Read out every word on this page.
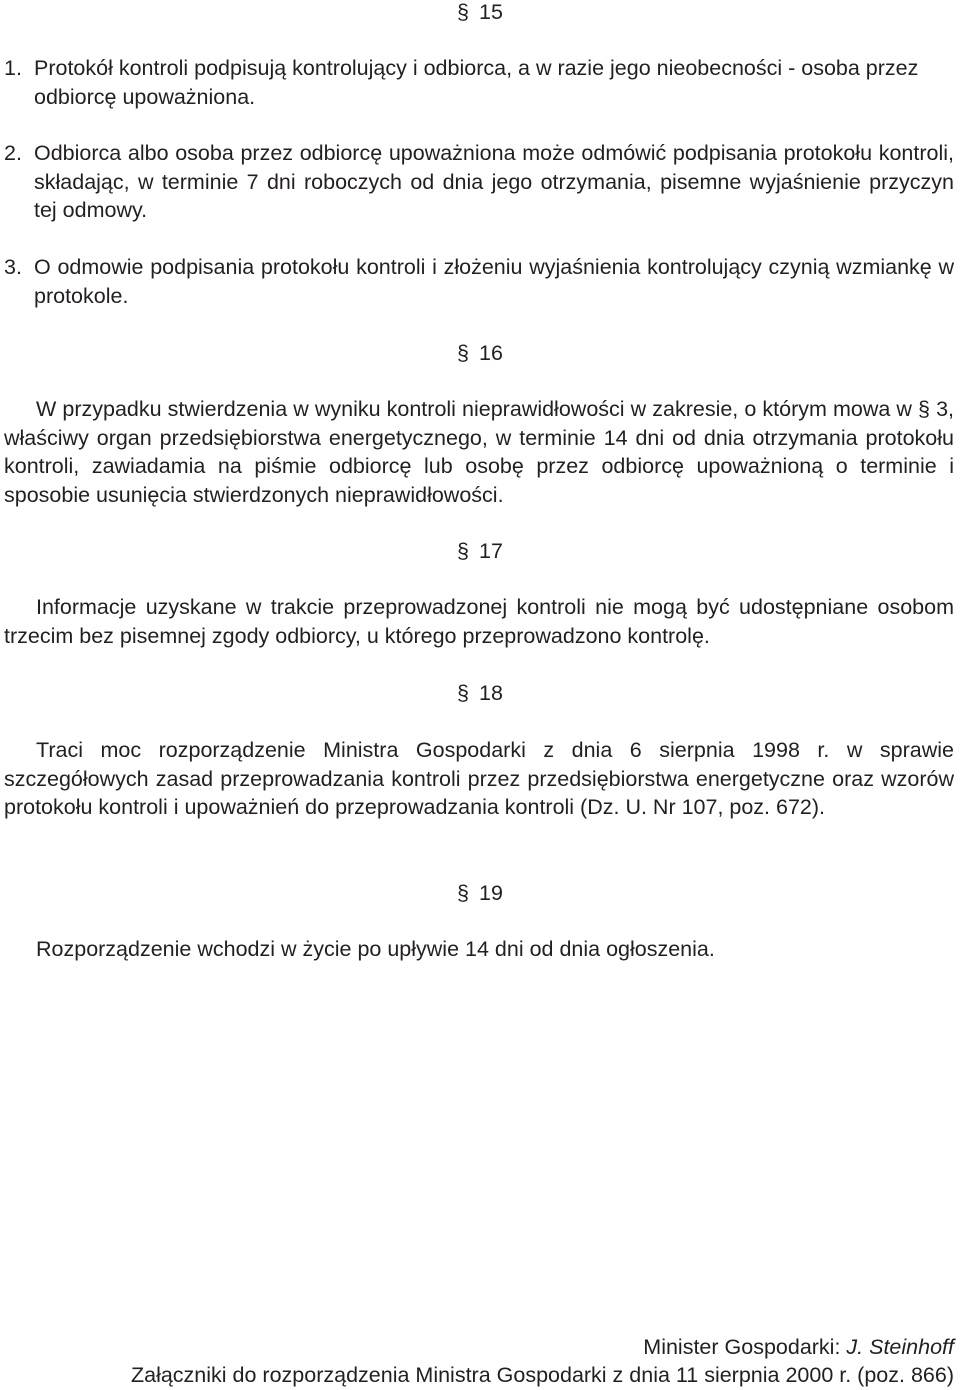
§ 15
1. Protokół kontroli podpisują kontrolujący i odbiorca, a w razie jego nieobecności - osoba przez odbiorcę upoważniona.
2. Odbiorca albo osoba przez odbiorcę upoważniona może odmówić podpisania protokołu kontroli, składając, w terminie 7 dni roboczych od dnia jego otrzymania, pisemne wyjaśnienie przyczyn tej odmowy.
3. O odmowie podpisania protokołu kontroli i złożeniu wyjaśnienia kontrolujący czynią wzmiankę w protokole.
§ 16
W przypadku stwierdzenia w wyniku kontroli nieprawidłowości w zakresie, o którym mowa w § 3, właściwy organ przedsiębiorstwa energetycznego, w terminie 14 dni od dnia otrzymania protokołu kontroli, zawiadamia na piśmie odbiorcę lub osobę przez odbiorcę upoważnioną o terminie i sposobie usunięcia stwierdzonych nieprawidłowości.
§ 17
Informacje uzyskane w trakcie przeprowadzonej kontroli nie mogą być udostępniane osobom trzecim bez pisemnej zgody odbiorcy, u którego przeprowadzono kontrolę.
§ 18
Traci moc rozporządzenie Ministra Gospodarki z dnia 6 sierpnia 1998 r. w sprawie szczegółowych zasad przeprowadzania kontroli przez przedsiębiorstwa energetyczne oraz wzorów protokołu kontroli i upoważnień do przeprowadzania kontroli (Dz. U. Nr 107, poz. 672).
§ 19
Rozporządzenie wchodzi w życie po upływie 14 dni od dnia ogłoszenia.
Minister Gospodarki: J. Steinhoff
Załączniki do rozporządzenia Ministra Gospodarki z dnia 11 sierpnia 2000 r. (poz. 866)
